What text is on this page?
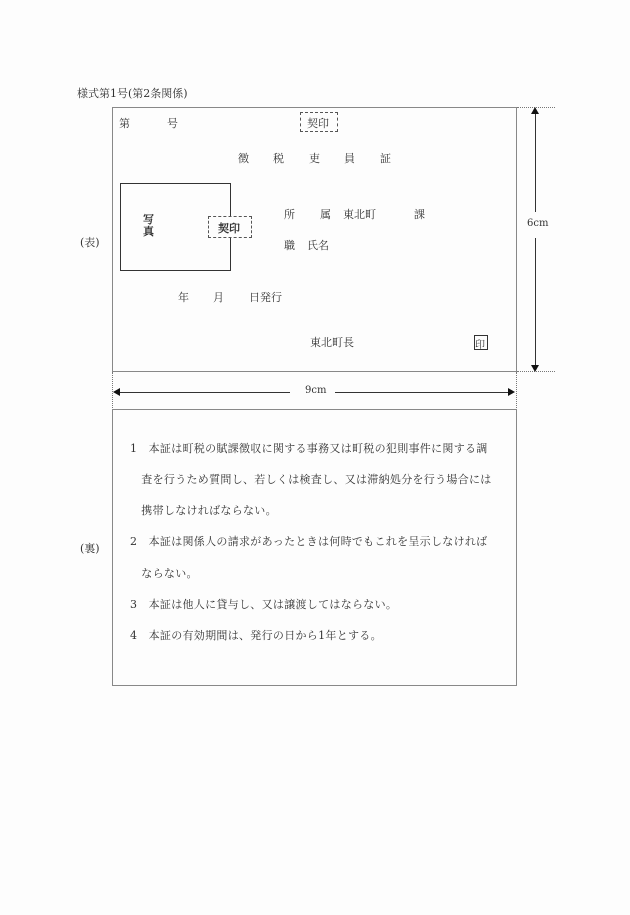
様式第1号(第2条関係)
(表)
第	号	契印
徴 税 吏 員 証
写
真	契印
所 属 東北町	課
職 氏名
年 月 日発行
東北町長	印
6cm
9cm
(裏)
1　本証は町税の賦課徴収に関する事務又は町税の犯則事件に関する調
　査を行うため質問し、若しくは検査し、又は滞納処分を行う場合には
　携帯しなければならない。
2　本証は関係人の請求があったときは何時でもこれを呈示しなければ
　ならない。
3　本証は他人に貸与し、又は譲渡してはならない。
4　本証の有効期間は、発行の日から1年とする。
